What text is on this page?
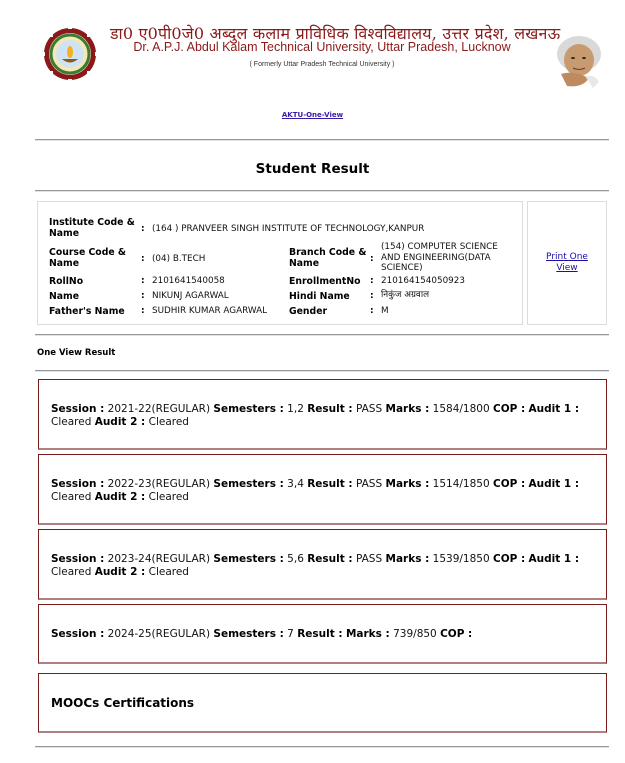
डा0 ए0पी0जे0 अब्दुल कलाम प्राविधिक विश्वविद्यालय, उत्तर प्रदेश, लखनऊ
Dr. A.P.J. Abdul Kalam Technical University, Uttar Pradesh, Lucknow
( Formerly Uttar Pradesh Technical University )
AKTU-One-View
Student Result
Institute Code & Name	: (164 ) PRANVEER SINGH INSTITUTE OF TECHNOLOGY,KANPUR
Course Code & Name	: (04) B.TECH
Branch Code & Name	:
(154) COMPUTER SCIENCE AND ENGINEERING(DATA SCIENCE)
RollNo	: 2101641540058	EnrollmentNo : 210164154050923
Name	: NIKUNJ AGARWAL	Hindi Name : निकुंज अग्रवाल
Father's Name : SUDHIR KUMAR AGARWAL Gender	: M
Print One View
One View Result
Session : 2021-22(REGULAR) Semesters : 1,2 Result : PASS Marks : 1584/1800 COP : Audit 1 : Cleared Audit 2 : Cleared
Session : 2022-23(REGULAR) Semesters : 3,4 Result : PASS Marks : 1514/1850 COP : Audit 1 : Cleared Audit 2 : Cleared
Session : 2023-24(REGULAR) Semesters : 5,6 Result : PASS Marks : 1539/1850 COP : Audit 1 : Cleared Audit 2 : Cleared
Session : 2024-25(REGULAR) Semesters : 7 Result : Marks : 739/850 COP :
MOOCs Certifications
